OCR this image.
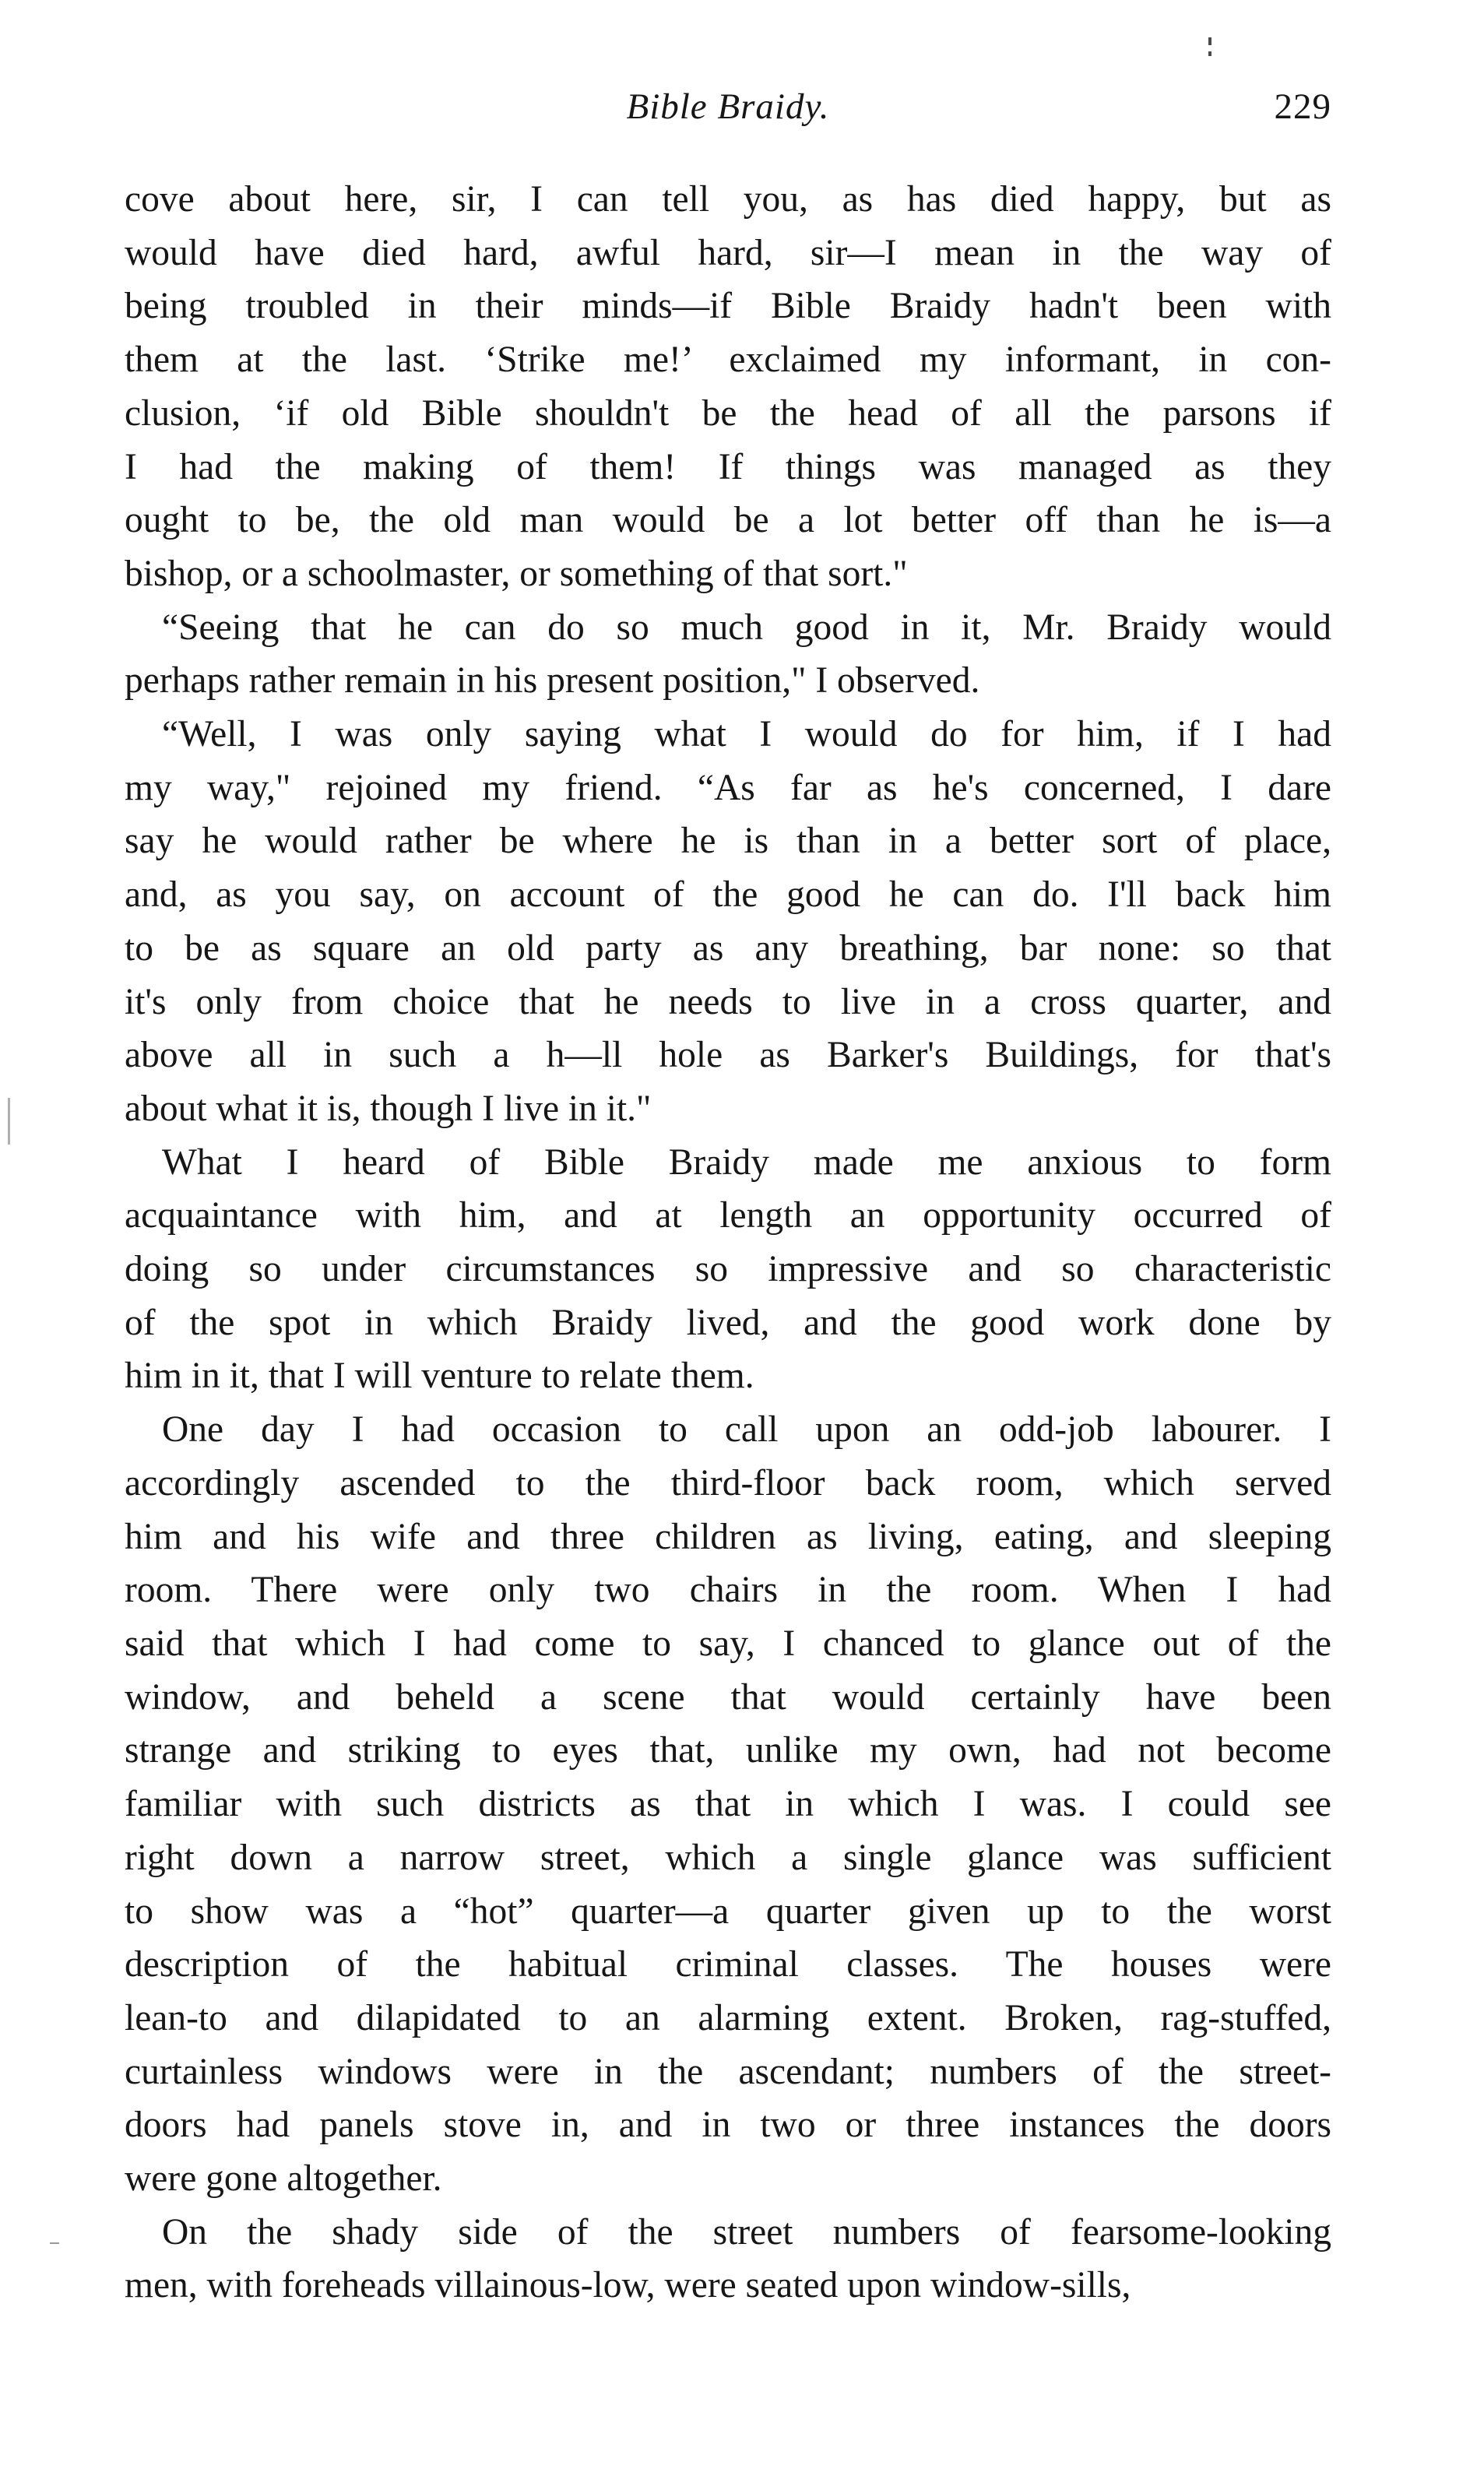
Bible Braidy.	229
cove about here, sir, I can tell you, as has died happy, but as
would have died hard, awful hard, sir—I mean in the way of
being troubled in their minds—if Bible Braidy hadn't been with
them at the last. ‘Strike me!’ exclaimed my informant, in con-
clusion, ‘if old Bible shouldn't be the head of all the parsons if
I had the making of them! If things was managed as they
ought to be, the old man would be a lot better off than he is—a
bishop, or a schoolmaster, or something of that sort."
“Seeing that he can do so much good in it, Mr. Braidy would
perhaps rather remain in his present position," I observed.
“Well, I was only saying what I would do for him, if I had
my way," rejoined my friend. “As far as he's concerned, I dare
say he would rather be where he is than in a better sort of place,
and, as you say, on account of the good he can do. I'll back him
to be as square an old party as any breathing, bar none: so that
it's only from choice that he needs to live in a cross quarter, and
above all in such a h—ll hole as Barker's Buildings, for that's
about what it is, though I live in it."
What I heard of Bible Braidy made me anxious to form
acquaintance with him, and at length an opportunity occurred of
doing so under circumstances so impressive and so characteristic
of the spot in which Braidy lived, and the good work done by
him in it, that I will venture to relate them.
One day I had occasion to call upon an odd-job labourer. I
accordingly ascended to the third-floor back room, which served
him and his wife and three children as living, eating, and sleeping
room. There were only two chairs in the room. When I had
said that which I had come to say, I chanced to glance out of the
window, and beheld a scene that would certainly have been
strange and striking to eyes that, unlike my own, had not become
familiar with such districts as that in which I was. I could see
right down a narrow street, which a single glance was sufficient
to show was a “hot” quarter—a quarter given up to the worst
description of the habitual criminal classes. The houses were
lean-to and dilapidated to an alarming extent. Broken, rag-stuffed,
curtainless windows were in the ascendant; numbers of the street-
doors had panels stove in, and in two or three instances the doors
were gone altogether.
On the shady side of the street numbers of fearsome-looking
men, with foreheads villainous-low, were seated upon window-sills,
